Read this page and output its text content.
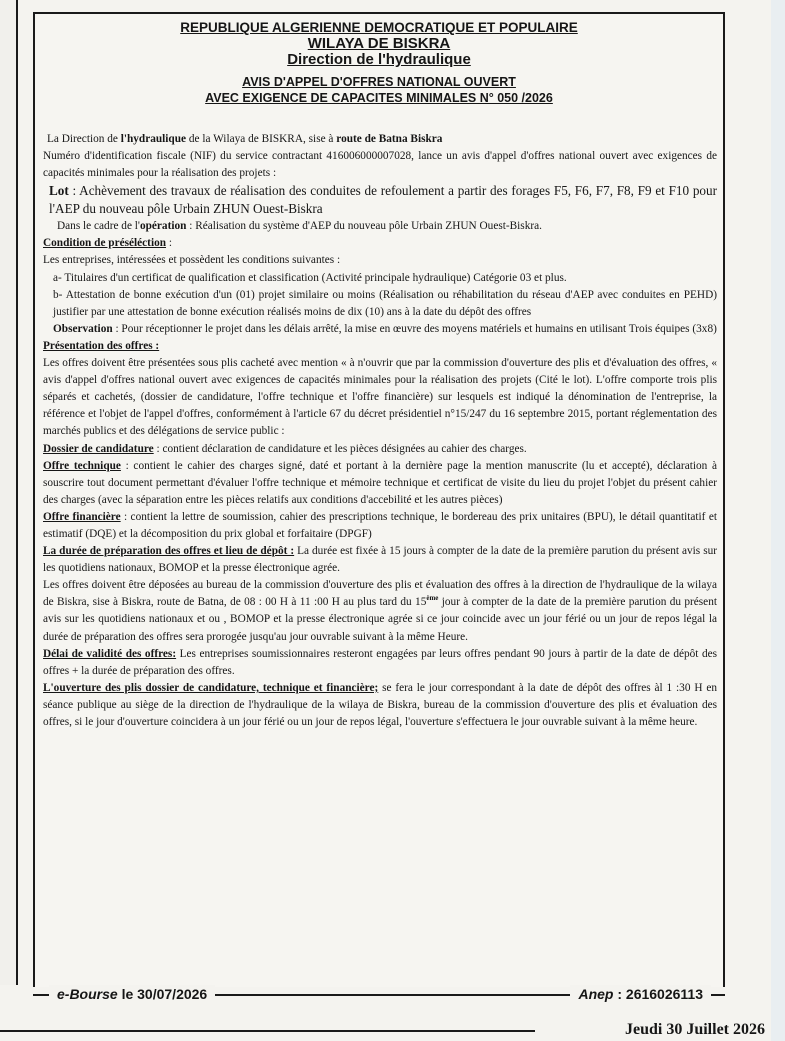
REPUBLIQUE ALGERIENNE DEMOCRATIQUE ET POPULAIRE
WILAYA DE BISKRA
Direction de l'hydraulique
AVIS D'APPEL D'OFFRES NATIONAL OUVERT
AVEC EXIGENCE DE CAPACITES MINIMALES N° 050 /2026

La Direction de l'hydraulique de la Wilaya de BISKRA, sise à route de Batna Biskra

Numéro d'identification fiscale (NIF) du service contractant 416006000007028, lance un avis d'appel d'offres national ouvert avec exigences de capacités minimales pour la réalisation des projets :

Lot : Achèvement des travaux de réalisation des conduites de refoulement a partir des forages F5, F6, F7, F8, F9 et F10 pour l'AEP du nouveau pôle Urbain ZHUN Ouest-Biskra

Dans le cadre de l'opération : Réalisation du système d'AEP du nouveau pôle Urbain ZHUN Ouest-Biskra.

Condition de préséléction :

Les entreprises, intéressées et possèdent les conditions suivantes :

a- Titulaires d'un certificat de qualification et classification (Activité principale hydraulique) Catégorie 03 et plus.

b- Attestation de bonne exécution d'un (01) projet similaire ou moins (Réalisation ou réhabilitation du réseau d'AEP avec conduites en PEHD) justifier par une attestation de bonne exécution réalisés moins de dix (10) ans à la date du dépôt des offres

Observation : Pour réceptionner le projet dans les délais arrêté, la mise en œuvre des moyens matériels et humains en utilisant Trois équipes (3x8)

Présentation des offres :

Les offres doivent être présentées sous plis cacheté avec mention « à n'ouvrir que par la commission d'ouverture des plis et d'évaluation des offres, « avis d'appel d'offres national ouvert avec exigences de capacités minimales pour la réalisation des projets (Cité le lot). L'offre comporte trois plis séparés et cachetés, (dossier de candidature, l'offre technique et l'offre financière) sur lesquels est indiqué la dénomination de l'entreprise, la référence et l'objet de l'appel d'offres, conformément à l'article 67 du décret présidentiel n°15/247 du 16 septembre 2015, portant réglementation des marchés publics et des délégations de service public :

Dossier de candidature : contient déclaration de candidature et les pièces désignées au cahier des charges.

Offre technique : contient le cahier des charges signé, daté et portant à la dernière page la mention manuscrite (lu et accepté), déclaration à souscrire tout document permettant d'évaluer l'offre technique et mémoire technique et certificat de visite du lieu du projet l'objet du présent cahier des charges (avec la séparation entre les pièces relatifs aux conditions d'accebilité et les autres pièces)

Offre financière : contient la lettre de soumission, cahier des prescriptions technique, le bordereau des prix unitaires (BPU), le détail quantitatif et estimatif (DQE) et la décomposition du prix global et forfaitaire (DPGF)

La durée de préparation des offres et lieu de dépôt : La durée est fixée à 15 jours à compter de la date de la première parution du présent avis sur les quotidiens nationaux, BOMOP et la presse électronique agrée.

Les offres doivent être déposées au bureau de la commission d'ouverture des plis et évaluation des offres à la direction de l'hydraulique de la wilaya de Biskra, sise à Biskra, route de Batna, de 08 : 00 H à 11 :00 H au plus tard du 15ème jour à compter de la date de la première parution du présent avis sur les quotidiens nationaux et ou , BOMOP et la presse électronique agrée si ce jour coincide avec un jour férié ou un jour de repos légal la durée de préparation des offres sera prorogée jusqu'au jour ouvrable suivant à la même Heure.

Délai de validité des offres: Les entreprises soumissionnaires resteront engagées par leurs offres pendant 90 jours à partir de la date de dépôt des offres + la durée de préparation des offres.

L'ouverture des plis dossier de candidature, technique et financière; se fera le jour correspondant à la date de dépôt des offres àl 1 :30 H en séance publique au siège de la direction de l'hydraulique de la wilaya de Biskra, bureau de la commission d'ouverture des plis et évaluation des offres, si le jour d'ouverture coincidera à un jour férié ou un jour de repos légal, l'ouverture s'effectuera le jour ouvrable suivant à la même heure.

e-Bourse le 30/07/2026	Anep : 2616026113
Jeudi 30 Juillet 2026
